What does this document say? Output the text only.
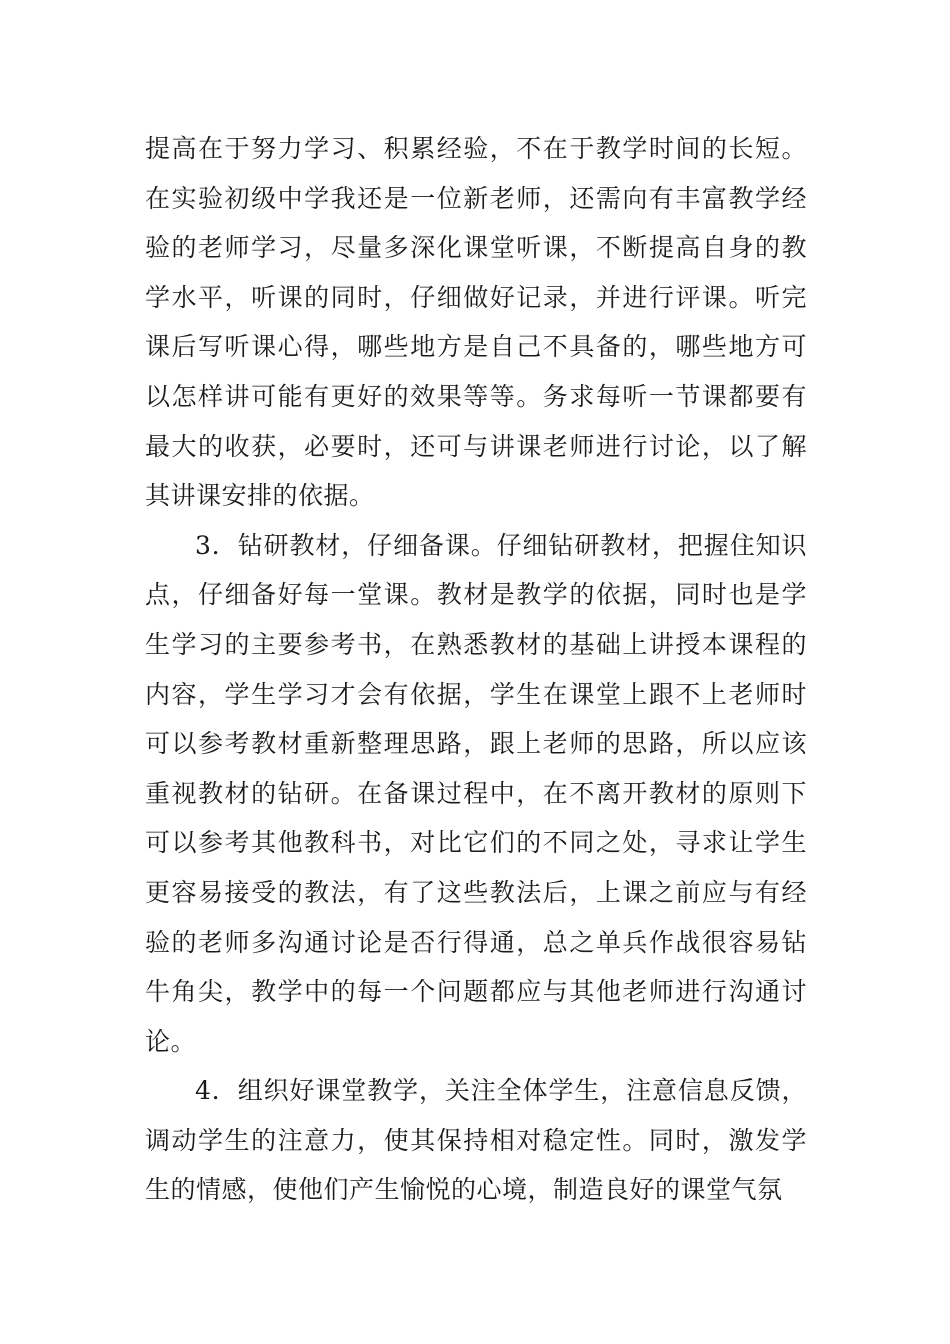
提高在于努力学习、积累经验，不在于教学时间的长短。在实验初级中学我还是一位新老师，还需向有丰富教学经验的老师学习，尽量多深化课堂听课，不断提高自身的教学水平，听课的同时，仔细做好记录，并进行评课。听完课后写听课心得，哪些地方是自己不具备的，哪些地方可以怎样讲可能有更好的效果等等。务求每听一节课都要有最大的收获，必要时，还可与讲课老师进行讨论，以了解其讲课安排的依据。

3．钻研教材，仔细备课。仔细钻研教材，把握住知识点，仔细备好每一堂课。教材是教学的依据，同时也是学生学习的主要参考书，在熟悉教材的基础上讲授本课程的内容，学生学习才会有依据，学生在课堂上跟不上老师时可以参考教材重新整理思路，跟上老师的思路，所以应该重视教材的钻研。在备课过程中，在不离开教材的原则下可以参考其他教科书，对比它们的不同之处，寻求让学生更容易接受的教法，有了这些教法后，上课之前应与有经验的老师多沟通讨论是否行得通，总之单兵作战很容易钻牛角尖，教学中的每一个问题都应与其他老师进行沟通讨论。

4．组织好课堂教学，关注全体学生，注意信息反馈，调动学生的注意力，使其保持相对稳定性。同时，激发学生的情感，使他们产生愉悦的心境，制造良好的课堂气氛
